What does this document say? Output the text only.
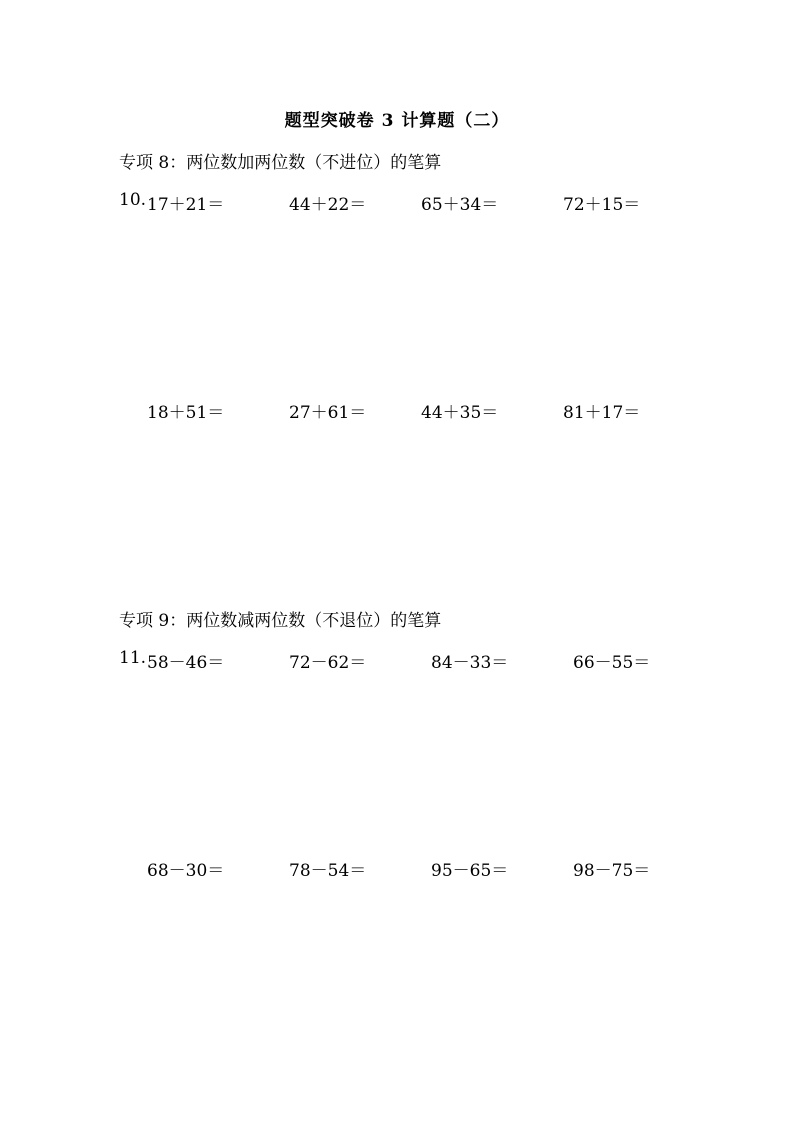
题型突破卷 3 计算题（二）
专项 8：两位数加两位数（不进位）的笔算
10. 17＋21＝	44＋22＝	65＋34＝	72＋15＝
18＋51＝	27＋61＝	44＋35＝	81＋17＝
专项 9：两位数减两位数（不退位）的笔算
11. 58－46＝	72－62＝	84－33＝	66－55＝
68－30＝	78－54＝	95－65＝	98－75＝
